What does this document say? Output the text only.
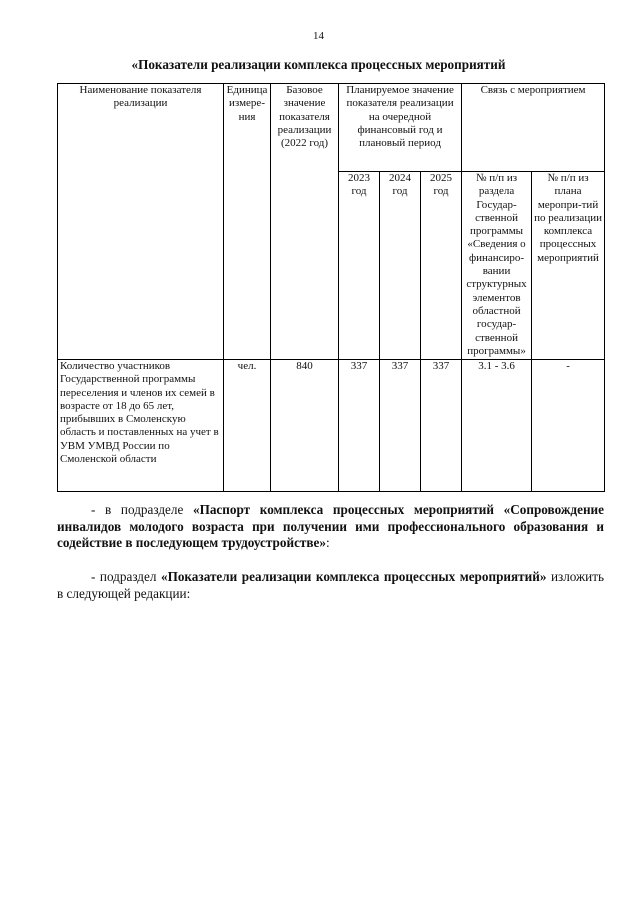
14
«Показатели реализации комплекса процессных мероприятий
Наименование показателя реализации	Единица измере-ния	Базовое значение показателя реализации (2022 год)	Планируемое значение показателя реализации на очередной финансовый год и плановый период			Связь с мероприятием	
			2023 год	2024 год	2025 год	№ п/п из раздела Государ-ственной программы «Сведения о финансиро-вании структурных элементов областной государ-ственной программы»	№ п/п из плана меропри-тий по реализации комплекса процессных мероприятий
Количество участников Государственной программы переселения и членов их семей в возрасте от 18 до 65 лет, прибывших в Смоленскую область и поставленных на учет в УВМ УМВД России по Смоленской области	чел.	840	337	337	337	3.1 - 3.6	-
- в подразделе «Паспорт комплекса процессных мероприятий «Сопровождение инвалидов молодого возраста при получении ими профессионального образования и содействие в последующем трудоустройстве»:
- подраздел «Показатели реализации комплекса процессных мероприятий» изложить в следующей редакции:
